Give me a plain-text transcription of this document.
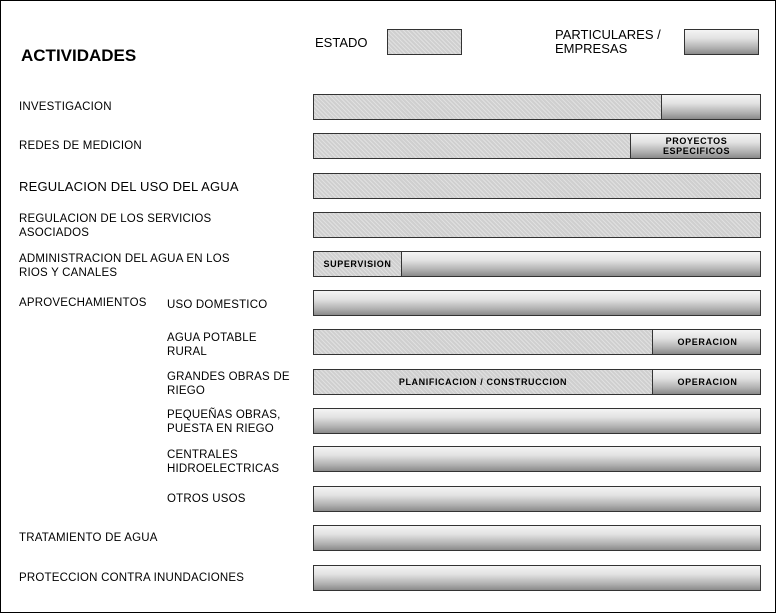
ACTIVIDADES
ESTADO
PARTICULARES /
EMPRESAS
APROVECHAMIENTOS
INVESTIGACION
REDES DE MEDICION	PROYECTOS
ESPECIFICOS
REGULACION DEL USO DEL AGUA
REGULACION DE LOS SERVICIOS
ASOCIADOS
ADMINISTRACION DEL AGUA EN LOS
RIOS Y CANALES
SUPERVISION
USO DOMESTICO
AGUA POTABLE
RURAL
OPERACION
GRANDES OBRAS DE
RIEGO
PLANIFICACION / CONSTRUCCION	OPERACION
PEQUEÑAS OBRAS,
PUESTA EN RIEGO
CENTRALES
HIDROELECTRICAS
OTROS USOS
TRATAMIENTO DE AGUA
PROTECCION CONTRA INUNDACIONES
